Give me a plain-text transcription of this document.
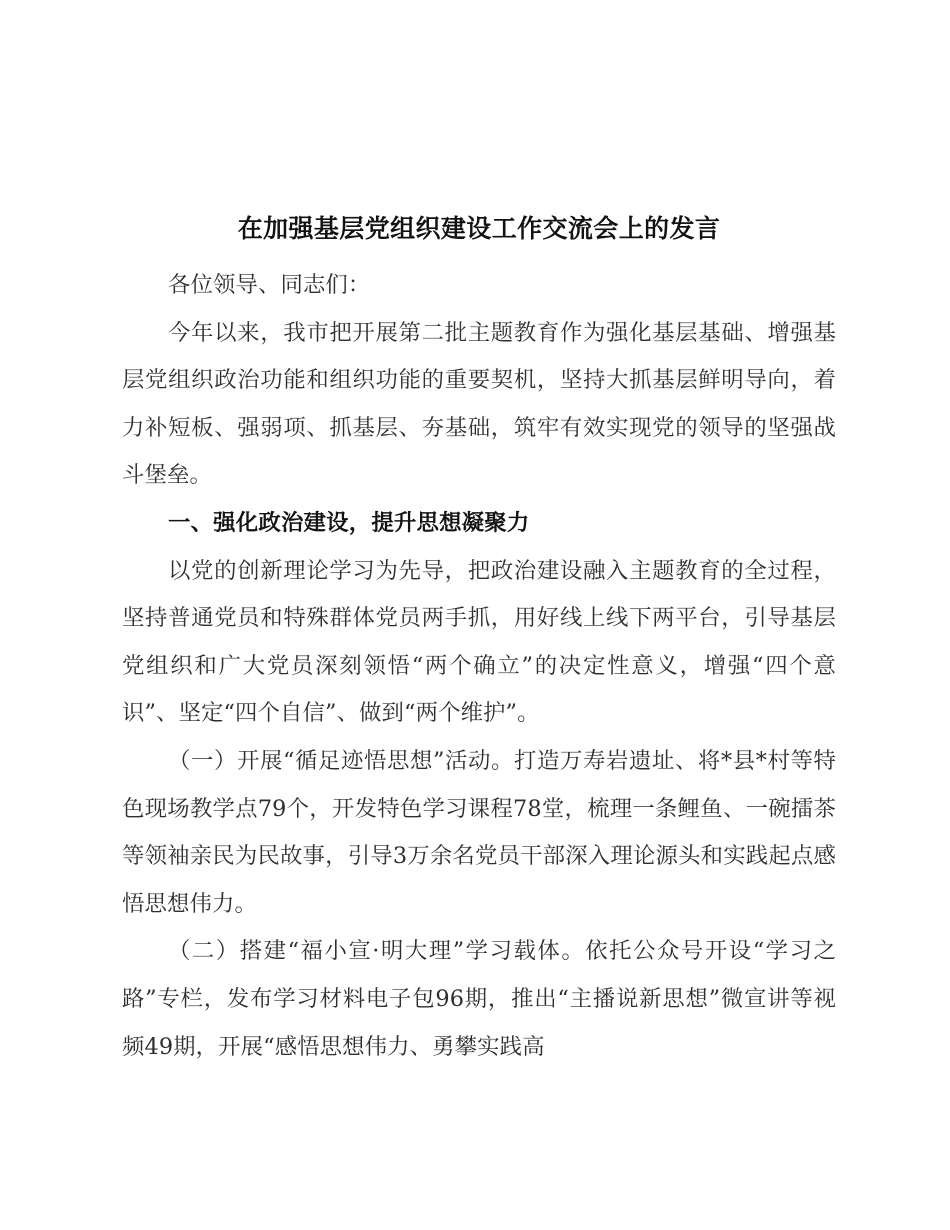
在加强基层党组织建设工作交流会上的发言

各位领导、同志们：

今年以来，我市把开展第二批主题教育作为强化基层基础、增强基层党组织政治功能和组织功能的重要契机，坚持大抓基层鲜明导向，着力补短板、强弱项、抓基层、夯基础，筑牢有效实现党的领导的坚强战斗堡垒。

一、强化政治建设，提升思想凝聚力

以党的创新理论学习为先导，把政治建设融入主题教育的全过程，坚持普通党员和特殊群体党员两手抓，用好线上线下两平台，引导基层党组织和广大党员深刻领悟“两个确立”的决定性意义，增强“四个意识”、坚定“四个自信”、做到“两个维护”。

（一）开展“循足迹悟思想”活动。打造万寿岩遗址、将*县*村等特色现场教学点79个，开发特色学习课程78堂，梳理一条鲤鱼、一碗擂茶等领袖亲民为民故事，引导3万余名党员干部深入理论源头和实践起点感悟思想伟力。

（二）搭建“福小宣·明大理”学习载体。依托公众号开设“学习之路”专栏，发布学习材料电子包96期，推出“主播说新思想”微宣讲等视频49期，开展“感悟思想伟力、勇攀实践高
